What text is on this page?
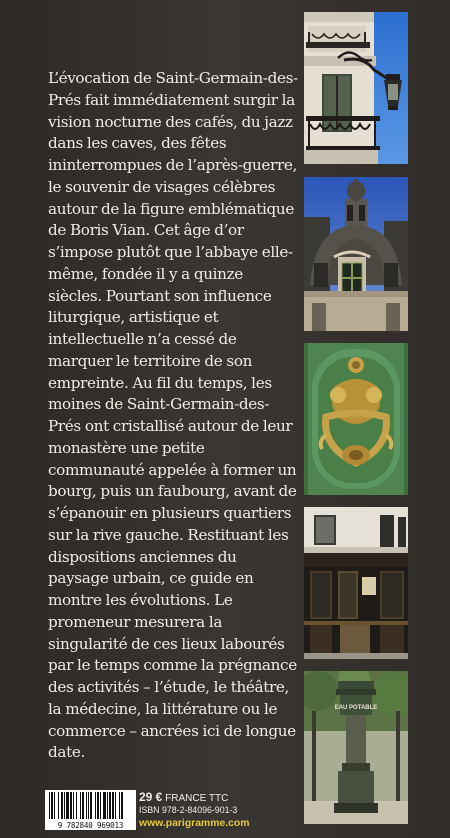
L’évocation de Saint-Germain-des-Prés fait immédiatement surgir la vision nocturne des cafés, du jazz dans les caves, des fêtes ininterrompues de l’après-guerre, le souvenir de visages célèbres autour de la figure emblématique de Boris Vian. Cet âge d’or s’impose plutôt que l’abbaye elle-même, fondée il y a quinze siècles. Pourtant son influence liturgique, artistique et intellectuelle n’a cessé de marquer le territoire de son empreinte. Au fil du temps, les moines de Saint-Germain-des-Prés ont cristallisé autour de leur monastère une petite communauté appelée à former un bourg, puis un faubourg, avant de s’épanouir en plusieurs quartiers sur la rive gauche. Restituant les dispositions anciennes du paysage urbain, ce guide en montre les évolutions. Le promeneur mesurera la singularité de ces lieux labourés par le temps comme la prégnance des activités – l’étude, le théâtre, la médecine, la littérature ou le commerce – ancrées ici de longue date.

EAU POTABLE
9 782840 969013
29 € FRANCE TTC
ISBN 978-2-84096-901-3
www.parigramme.com
